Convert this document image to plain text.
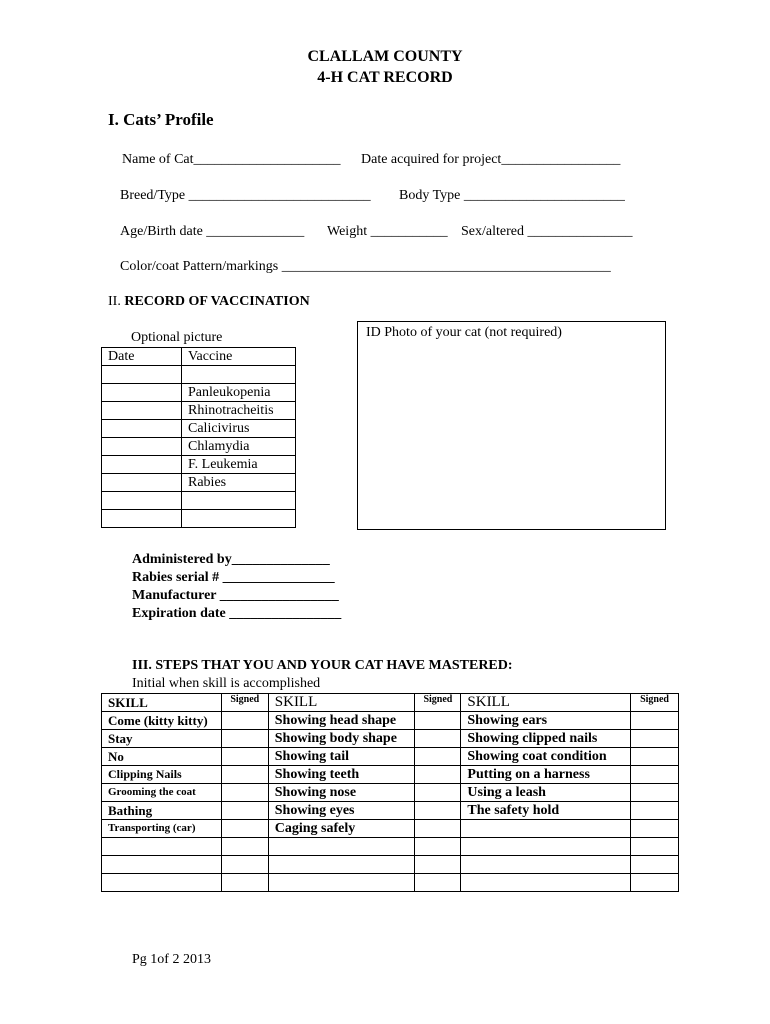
CLALLAM COUNTY
4-H CAT RECORD
I. Cats’ Profile
Name of Cat_____________________ Date acquired for project_________________
Breed/Type __________________________ Body Type _______________________
Age/Birth date ______________ Weight ___________ Sex/altered _______________
Color/coat Pattern/markings _______________________________________________
II. RECORD OF VACCINATION
Optional picture
Date	Vaccine

	Panleukopenia
	Rhinotracheitis
	Calicivirus
	Chlamydia
	F. Leukemia
	Rabies

ID Photo of your cat (not required)
Administered by______________
Rabies serial # ________________
Manufacturer _________________
Expiration date ________________
III. STEPS THAT YOU AND YOUR CAT HAVE MASTERED:
Initial when skill is accomplished
SKILL	Signed	SKILL	Signed	SKILL	Signed
Come (kitty kitty)		Showing head shape		Showing ears	
Stay		Showing body shape		Showing clipped nails	
No		Showing tail		Showing coat condition	
Clipping Nails		Showing teeth		Putting on a harness	
Grooming the coat		Showing nose		Using a leash	
Bathing		Showing eyes		The safety hold	
Transporting (car)		Caging safely			

Pg 1of 2 2013
